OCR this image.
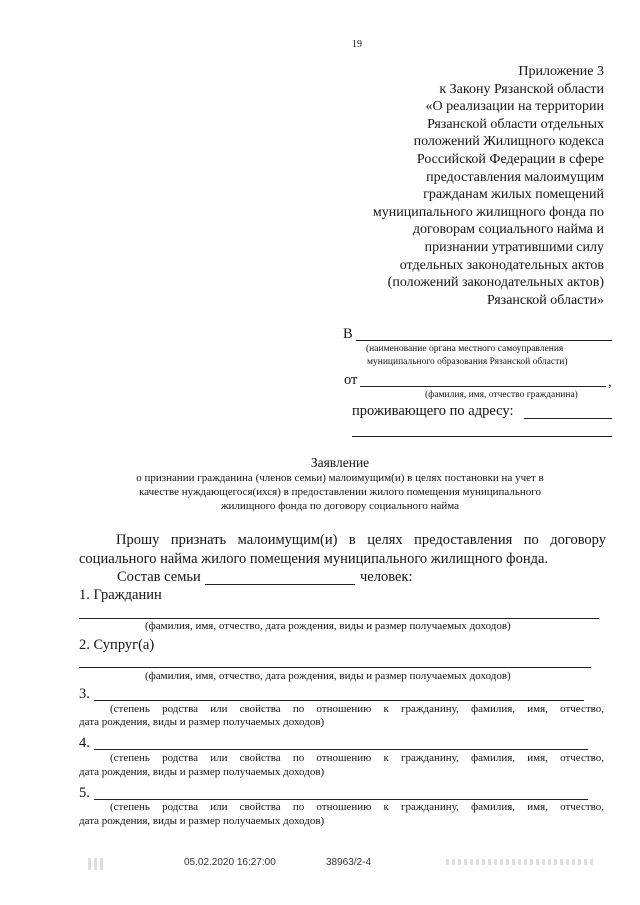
19
Приложение 3
к Закону Рязанской области
«О реализации на территории
Рязанской области отдельных
положений Жилищного кодекса
Российской Федерации в сфере
предоставления малоимущим
гражданам жилых помещений
муниципального жилищного фонда по
договорам социального найма и
признании утратившими силу
отдельных законодательных актов
(положений законодательных актов)
Рязанской области»
В
(наименование органа местного самоуправления
муниципального образования Рязанской области)
от	,
(фамилия, имя, отчество гражданина)
проживающего по адресу:
Заявление
о признании гражданина (членов семьи) малоимущим(и) в целях постановки на учет в
качестве нуждающегося(ихся) в предоставлении жилого помещения муниципального
жилищного фонда по договору социального найма
Прошу признать малоимущим(и) в целях предоставления по договору
социального найма жилого помещения муниципального жилищного фонда.
Состав семьи	человек:
1. Гражданин
(фамилия, имя, отчество, дата рождения, виды и размер получаемых доходов)
2. Супруг(а)
(фамилия, имя, отчество, дата рождения, виды и размер получаемых доходов)
3.
(степень родства или свойства по отношению к гражданину, фамилия, имя, отчество,
дата рождения, виды и размер получаемых доходов)
4.
(степень родства или свойства по отношению к гражданину, фамилия, имя, отчество,
дата рождения, виды и размер получаемых доходов)
5.
(степень родства или свойства по отношению к гражданину, фамилия, имя, отчество,
дата рождения, виды и размер получаемых доходов)
05.02.2020 16:27:00	38963/2-4
